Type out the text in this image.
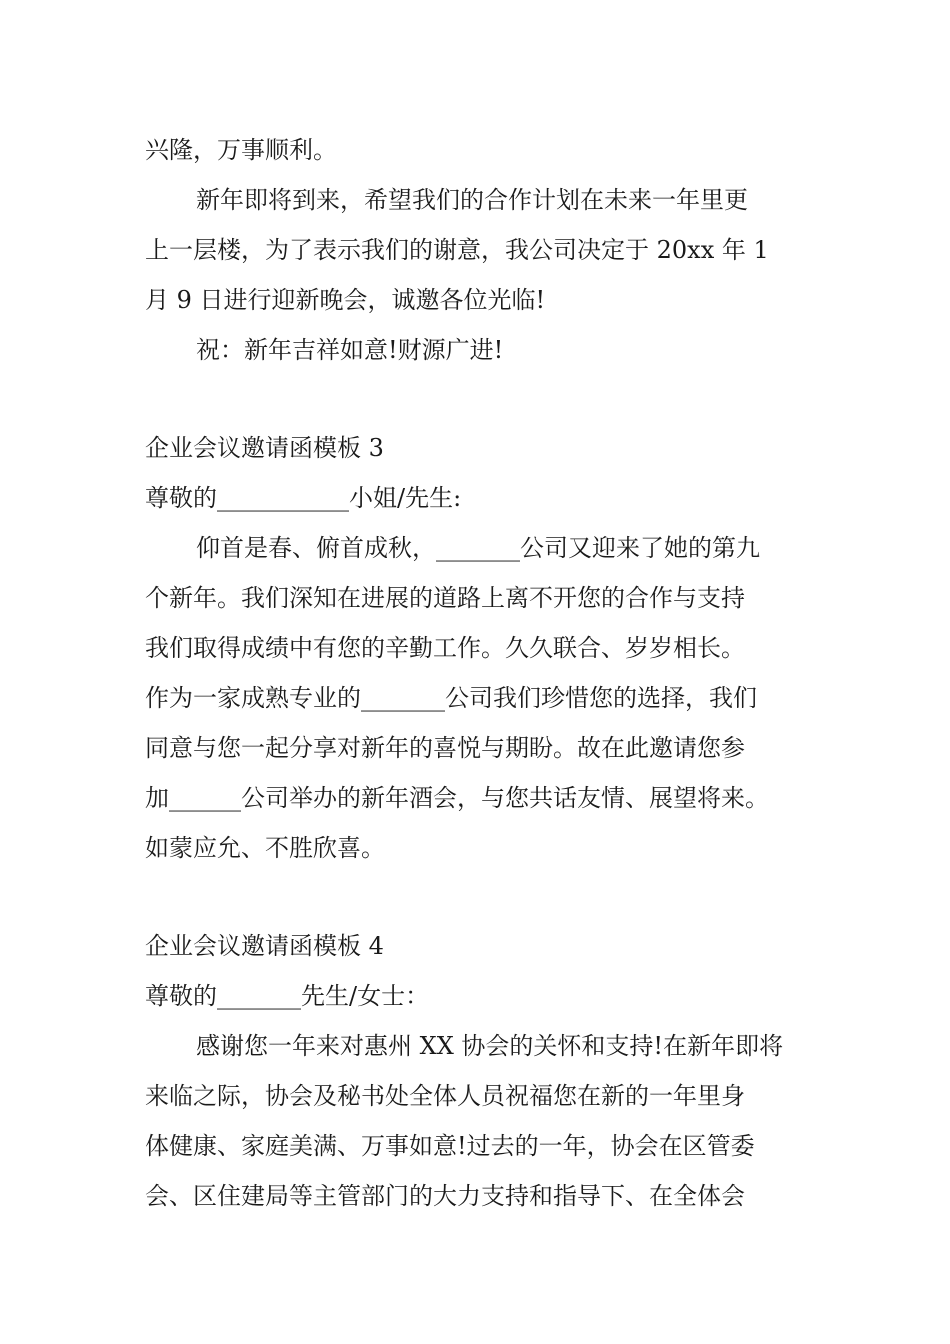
兴隆，万事顺利。
新年即将到来，希望我们的合作计划在未来一年里更
上一层楼，为了表示我们的谢意，我公司决定于 20xx 年 1
月 9 日进行迎新晚会，诚邀各位光临!
祝：新年吉祥如意!财源广进!
企业会议邀请函模板 3
尊敬的___________小姐/先生:
仰首是春、俯首成秋，_______公司又迎来了她的第九
个新年。我们深知在进展的道路上离不开您的合作与支持
我们取得成绩中有您的辛勤工作。久久联合、岁岁相长。
作为一家成熟专业的_______公司我们珍惜您的选择，我们
同意与您一起分享对新年的喜悦与期盼。故在此邀请您参
加______公司举办的新年酒会，与您共话友情、展望将来。
如蒙应允、不胜欣喜。
企业会议邀请函模板 4
尊敬的_______先生/女士：
感谢您一年来对惠州 XX 协会的关怀和支持!在新年即将
来临之际，协会及秘书处全体人员祝福您在新的一年里身
体健康、家庭美满、万事如意!过去的一年，协会在区管委
会、区住建局等主管部门的大力支持和指导下、在全体会
